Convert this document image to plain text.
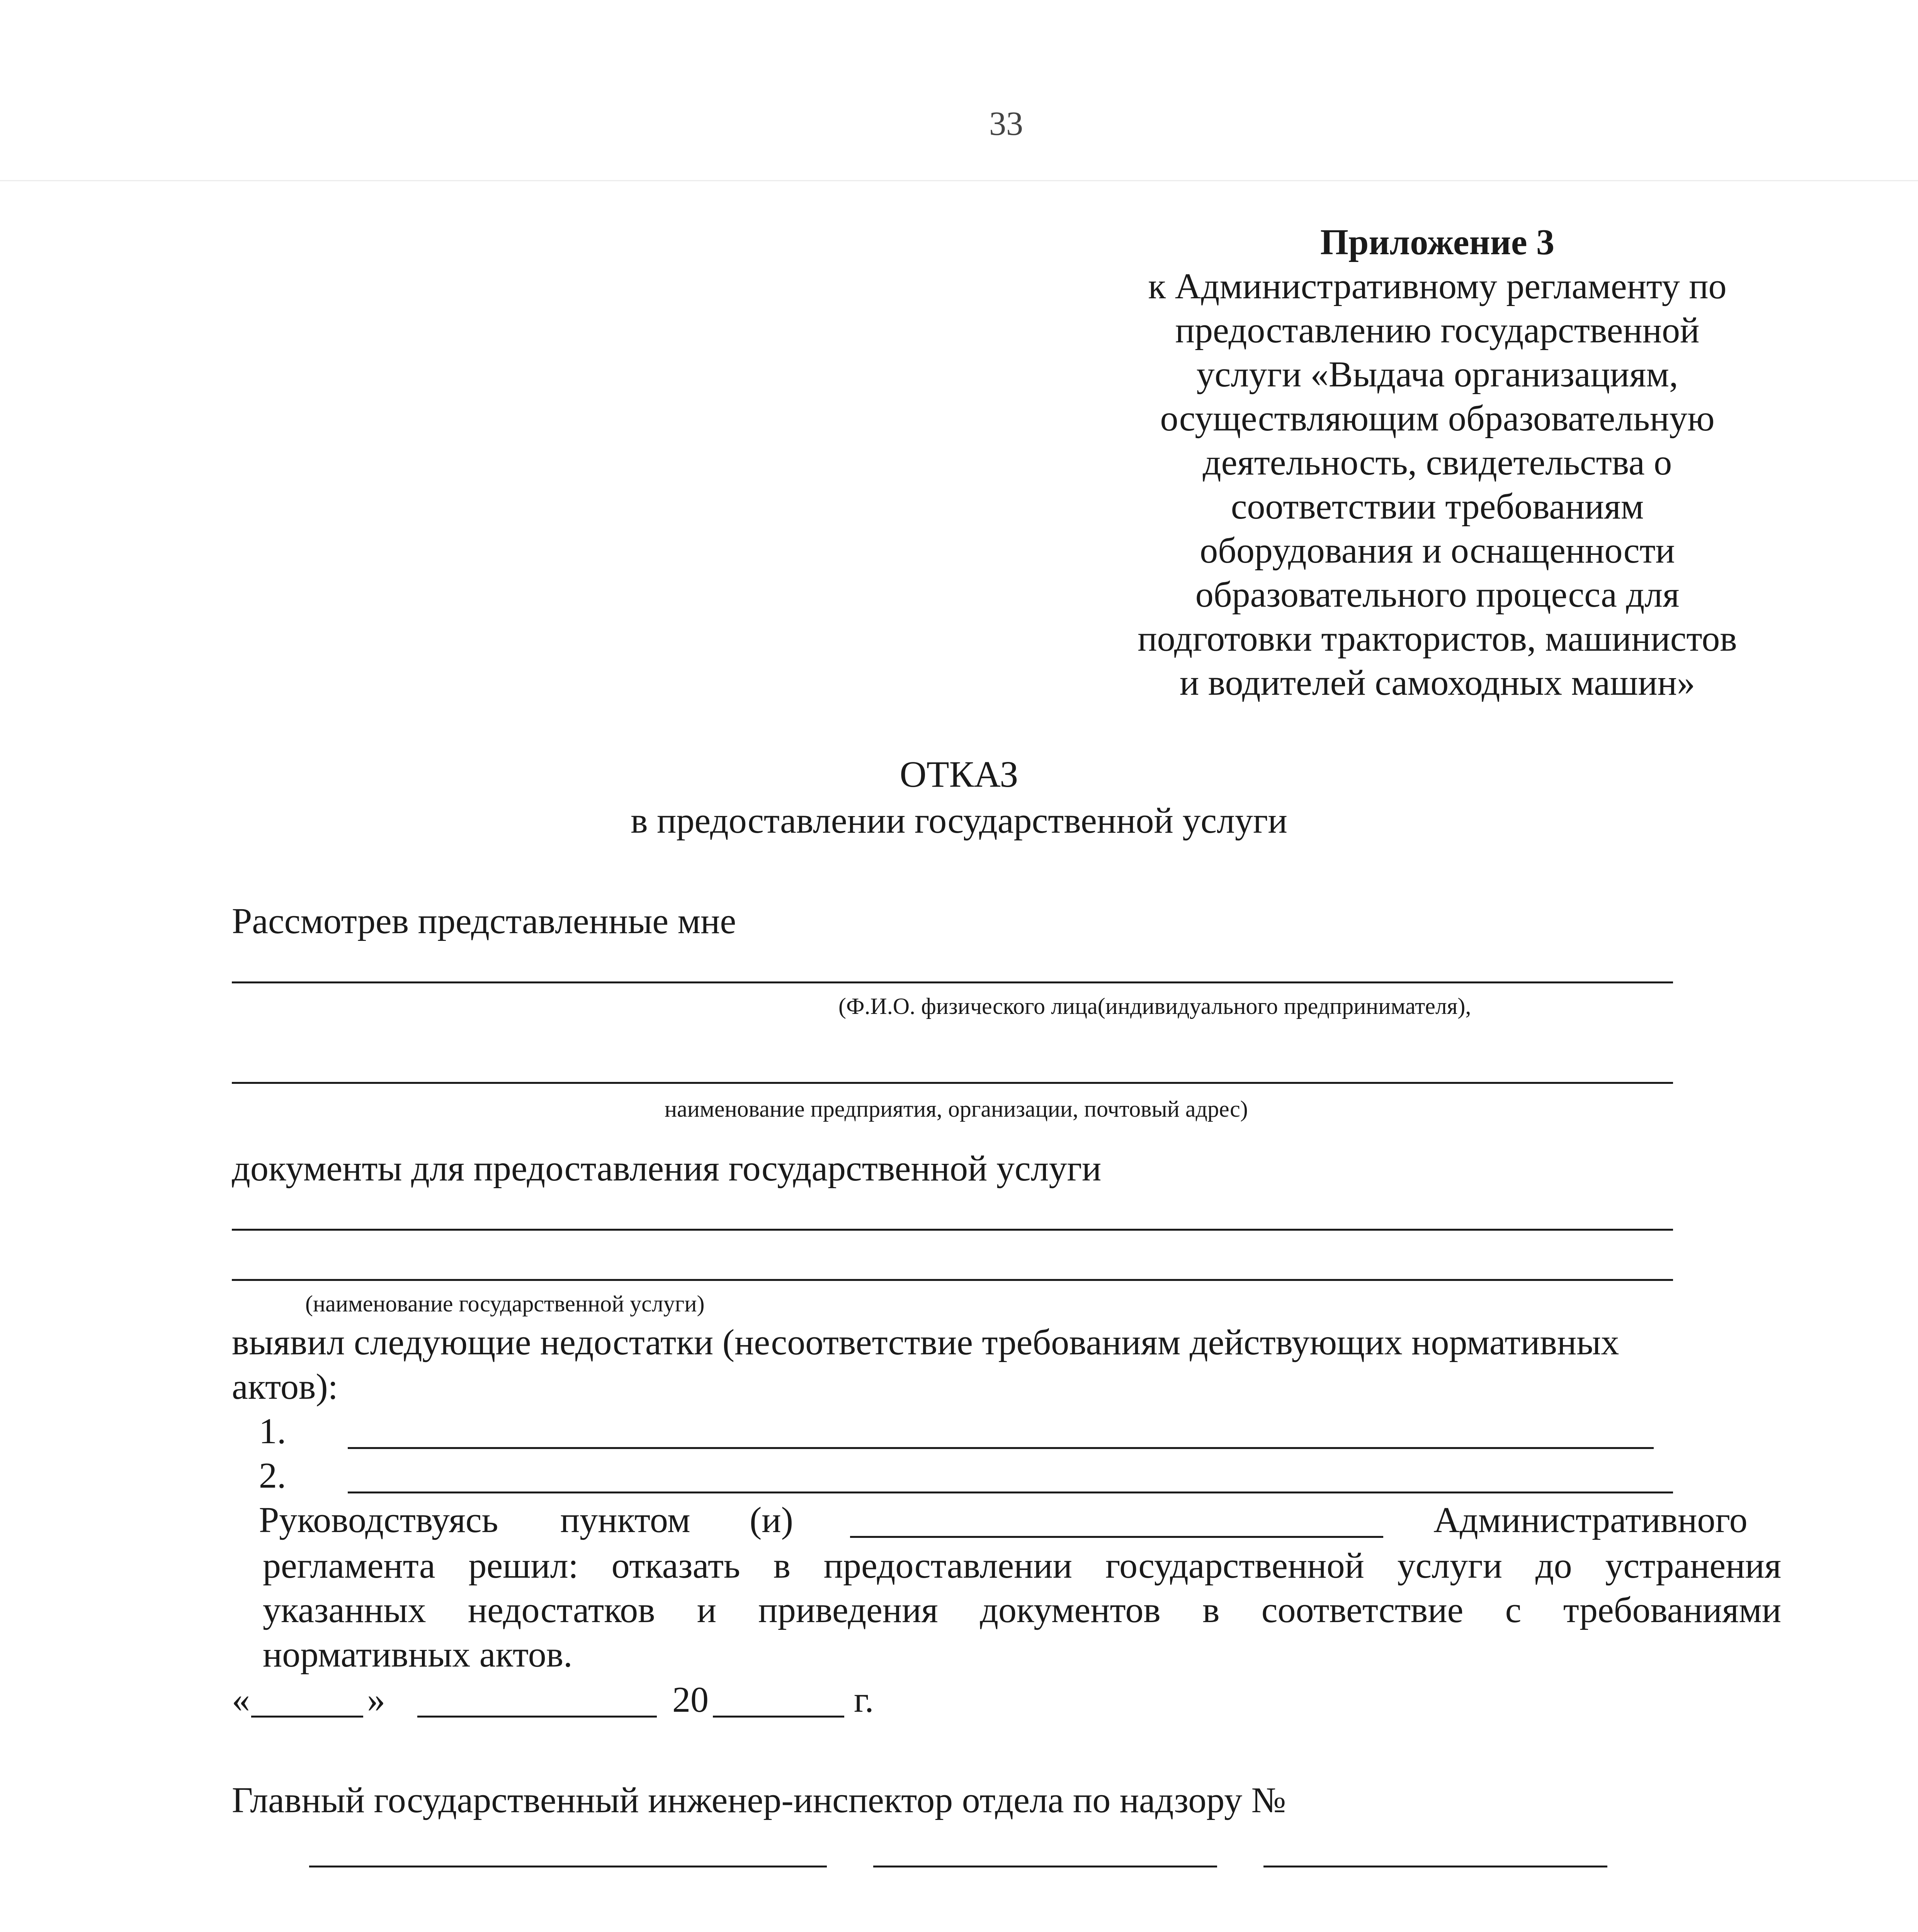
33
Приложение 3
к Административному регламенту по
предоставлению государственной
услуги «Выдача организациям,
осуществляющим образовательную
деятельность, свидетельства о
соответствии требованиям
оборудования и оснащенности
образовательного процесса для
подготовки трактористов, машинистов
и водителей самоходных машин»
ОТКАЗ
в предоставлении государственной услуги
Рассмотрев представленные мне
(Ф.И.О. физического лица(индивидуального предпринимателя),
наименование предприятия, организации, почтовый адрес)
документы для предоставления государственной услуги
(наименование государственной услуги)
выявил следующие недостатки (несоответствие требованиям действующих нормативных
актов):
1.
2.
Руководствуясь пунктом (и)	Административного
регламента решил: отказать в предоставлении государственной услуги до устранения
указанных недостатков и приведения документов в соответствие с требованиями
нормативных актов.
«	»	20	г.
Главный государственный инженер-инспектор отдела по надзору №
